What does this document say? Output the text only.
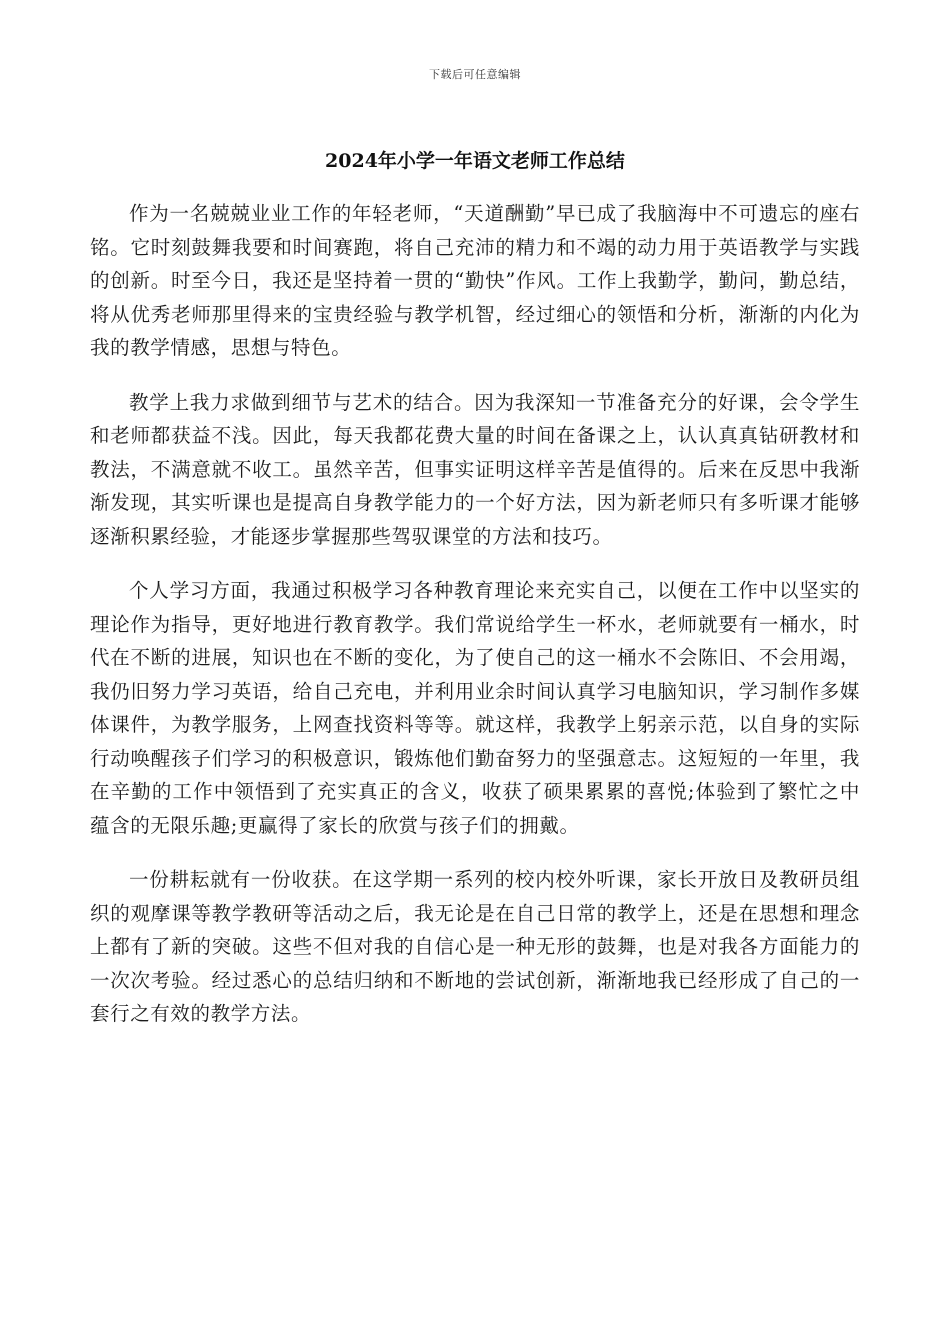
下载后可任意编辑
2024年小学一年语文老师工作总结

作为一名兢兢业业工作的年轻老师，“天道酬勤”早已成了我脑海中不可遗忘的座右铭。它时刻鼓舞我要和时间赛跑，将自己充沛的精力和不竭的动力用于英语教学与实践的创新。时至今日，我还是坚持着一贯的“勤快”作风。工作上我勤学，勤问，勤总结，将从优秀老师那里得来的宝贵经验与教学机智，经过细心的领悟和分析，渐渐的内化为我的教学情感，思想与特色。

教学上我力求做到细节与艺术的结合。因为我深知一节准备充分的好课，会令学生和老师都获益不浅。因此，每天我都花费大量的时间在备课之上，认认真真钻研教材和教法，不满意就不收工。虽然辛苦，但事实证明这样辛苦是值得的。后来在反思中我渐渐发现，其实听课也是提高自身教学能力的一个好方法，因为新老师只有多听课才能够逐渐积累经验，才能逐步掌握那些驾驭课堂的方法和技巧。

个人学习方面，我通过积极学习各种教育理论来充实自己，以便在工作中以坚实的理论作为指导，更好地进行教育教学。我们常说给学生一杯水，老师就要有一桶水，时代在不断的进展，知识也在不断的变化，为了使自己的这一桶水不会陈旧、不会用竭，我仍旧努力学习英语，给自己充电，并利用业余时间认真学习电脑知识，学习制作多媒体课件，为教学服务，上网查找资料等等。就这样，我教学上躬亲示范，以自身的实际行动唤醒孩子们学习的积极意识，锻炼他们勤奋努力的坚强意志。这短短的一年里，我在辛勤的工作中领悟到了充实真正的含义，收获了硕果累累的喜悦;体验到了繁忙之中蕴含的无限乐趣;更赢得了家长的欣赏与孩子们的拥戴。

一份耕耘就有一份收获。在这学期一系列的校内校外听课，家长开放日及教研员组织的观摩课等教学教研等活动之后，我无论是在自己日常的教学上，还是在思想和理念上都有了新的突破。这些不但对我的自信心是一种无形的鼓舞，也是对我各方面能力的一次次考验。经过悉心的总结归纳和不断地的尝试创新，渐渐地我已经形成了自己的一套行之有效的教学方法。
